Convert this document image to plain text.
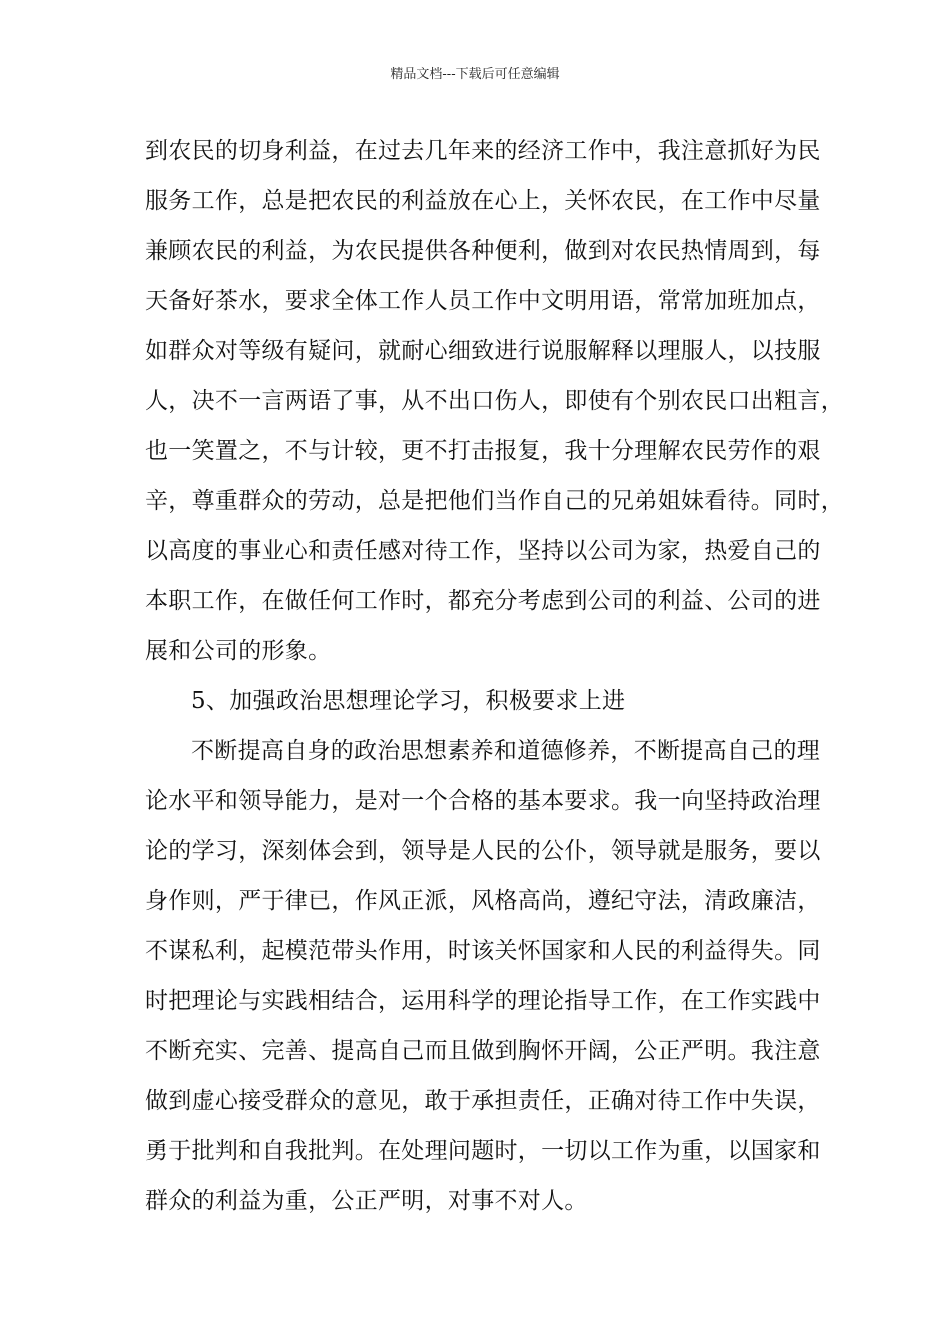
精品文档---下载后可任意编辑
到农民的切身利益，在过去几年来的经济工作中，我注意抓好为民
服务工作，总是把农民的利益放在心上，关怀农民，在工作中尽量
兼顾农民的利益，为农民提供各种便利，做到对农民热情周到，每
天备好茶水，要求全体工作人员工作中文明用语，常常加班加点，
如群众对等级有疑问，就耐心细致进行说服解释以理服人，以技服
人，决不一言两语了事，从不出口伤人，即使有个别农民口出粗言，
也一笑置之，不与计较，更不打击报复，我十分理解农民劳作的艰
辛，尊重群众的劳动，总是把他们当作自己的兄弟姐妹看待。同时，
以高度的事业心和责任感对待工作，坚持以公司为家，热爱自己的
本职工作，在做任何工作时，都充分考虑到公司的利益、公司的进
展和公司的形象。
5、加强政治思想理论学习，积极要求上进
不断提高自身的政治思想素养和道德修养，不断提高自己的理
论水平和领导能力，是对一个合格的基本要求。我一向坚持政治理
论的学习，深刻体会到，领导是人民的公仆，领导就是服务，要以
身作则，严于律已，作风正派，风格高尚，遵纪守法，清政廉洁，
不谋私利，起模范带头作用，时该关怀国家和人民的利益得失。同
时把理论与实践相结合，运用科学的理论指导工作，在工作实践中
不断充实、完善、提高自己而且做到胸怀开阔，公正严明。我注意
做到虚心接受群众的意见，敢于承担责任，正确对待工作中失误，
勇于批判和自我批判。在处理问题时，一切以工作为重，以国家和
群众的利益为重，公正严明，对事不对人。
